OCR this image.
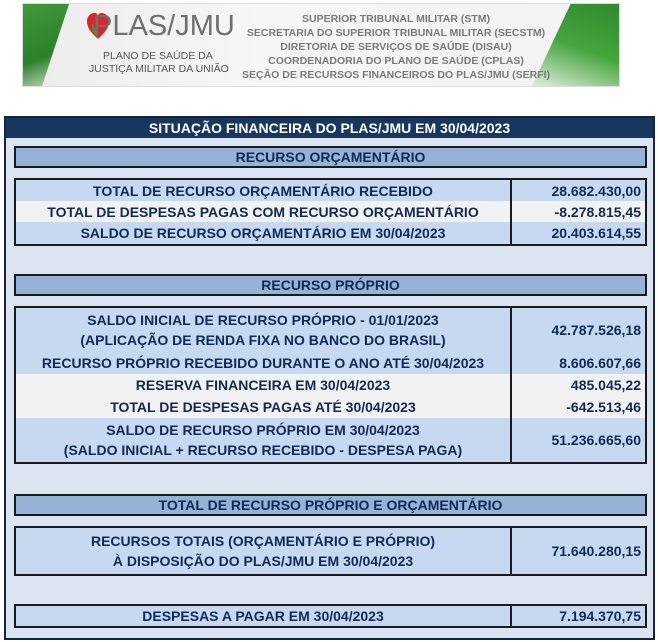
PLAS/JMU
PLANO DE SAÚDE DA
JUSTIÇA MILITAR DA UNIÃO
SUPERIOR TRIBUNAL MILITAR (STM)
SECRETARIA DO SUPERIOR TRIBUNAL MILITAR (SECSTM)
DIRETORIA DE SERVIÇOS DE SAÚDE (DISAU)
COORDENADORIA DO PLANO DE SAÚDE (CPLAS)
SEÇÃO DE RECURSOS FINANCEIROS DO PLAS/JMU (SERFI)
SITUAÇÃO FINANCEIRA DO PLAS/JMU EM 30/04/2023
RECURSO ORÇAMENTÁRIO
TOTAL DE RECURSO ORÇAMENTÁRIO RECEBIDO	28.682.430,00
TOTAL DE DESPESAS PAGAS COM RECURSO ORÇAMENTÁRIO	-8.278.815,45
SALDO DE RECURSO ORÇAMENTÁRIO EM 30/04/2023	20.403.614,55
RECURSO PRÓPRIO
SALDO INICIAL DE RECURSO PRÓPRIO - 01/01/2023
(APLICAÇÃO DE RENDA FIXA NO BANCO DO BRASIL)
42.787.526,18
RECURSO PRÓPRIO RECEBIDO DURANTE O ANO ATÉ 30/04/2023	8.606.607,66
RESERVA FINANCEIRA EM 30/04/2023	485.045,22
TOTAL DE DESPESAS PAGAS ATÉ 30/04/2023	-642.513,46
SALDO DE RECURSO PRÓPRIO EM 30/04/2023
(SALDO INICIAL + RECURSO RECEBIDO - DESPESA PAGA)
51.236.665,60
TOTAL DE RECURSO PRÓPRIO E ORÇAMENTÁRIO
RECURSOS TOTAIS (ORÇAMENTÁRIO E PRÓPRIO)
À DISPOSIÇÃO DO PLAS/JMU EM 30/04/2023
71.640.280,15
DESPESAS A PAGAR EM 30/04/2023	7.194.370,75
